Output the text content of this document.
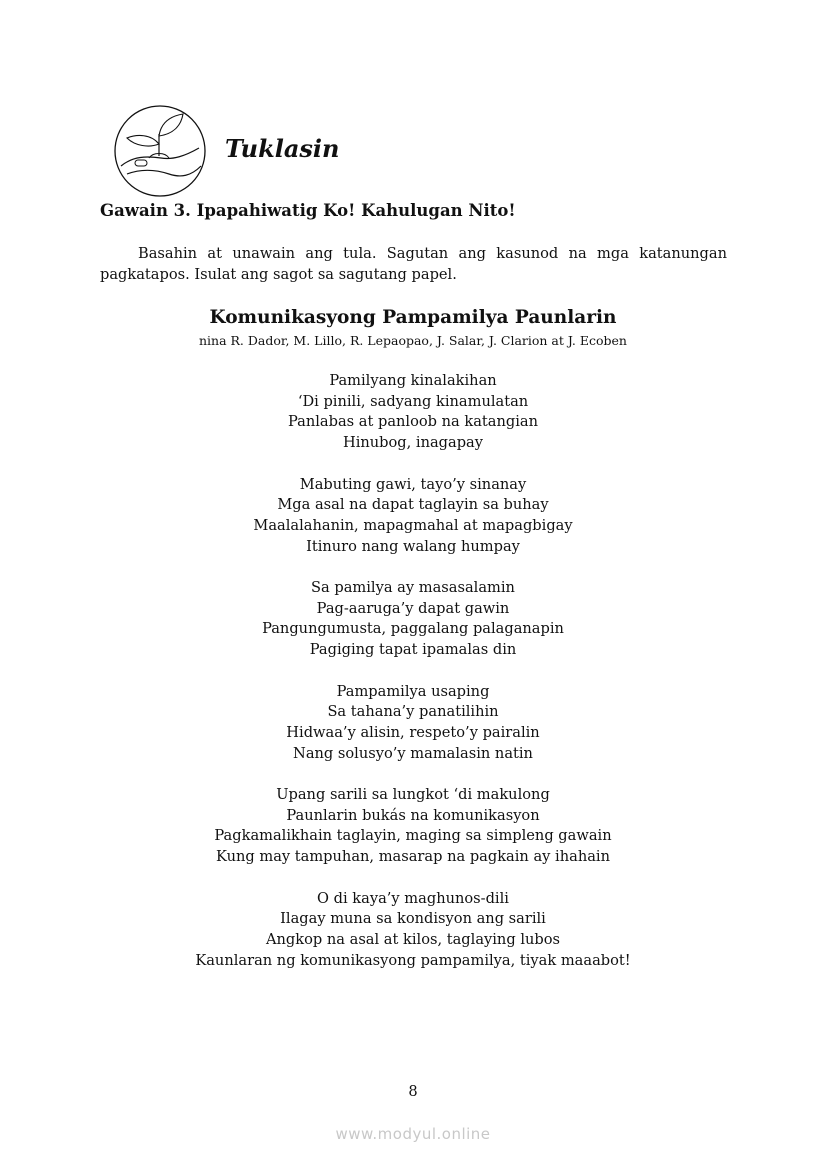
Tuklasin
Gawain 3. Ipapahiwatig Ko! Kahulugan Nito!
Basahin at unawain ang tula. Sagutan ang kasunod na mga katanungan pagkatapos. Isulat ang sagot sa sagutang papel.
Komunikasyong Pampamilya Paunlarin
nina R. Dador, M. Lillo, R. Lepaopao, J. Salar, J. Clarion at J. Ecoben
Pamilyang kinalakihan
‘Di pinili, sadyang kinamulatan
Panlabas at panloob na katangian
Hinubog, inagapay
Mabuting gawi, tayo’y sinanay
Mga asal na dapat taglayin sa buhay
Maalalahanin, mapagmahal at mapagbigay
Itinuro nang walang humpay
Sa pamilya ay masasalamin
Pag-aaruga’y dapat gawin
Pangungumusta, paggalang palaganapin
Pagiging tapat ipamalas din
Pampamilya usaping
Sa tahana’y panatilihin
Hidwaa’y alisin, respeto’y pairalin
Nang solusyo’y mamalasin natin
Upang sarili sa lungkot ‘di makulong
Paunlarin bukás na komunikasyon
Pagkamalikhain taglayin, maging sa simpleng gawain
Kung may tampuhan, masarap na pagkain ay ihahain
O di kaya’y maghunos-dili
Ilagay muna sa kondisyon ang sarili
Angkop na asal at kilos, taglaying lubos
Kaunlaran ng komunikasyong pampamilya, tiyak maaabot!
8
www.modyul.online
